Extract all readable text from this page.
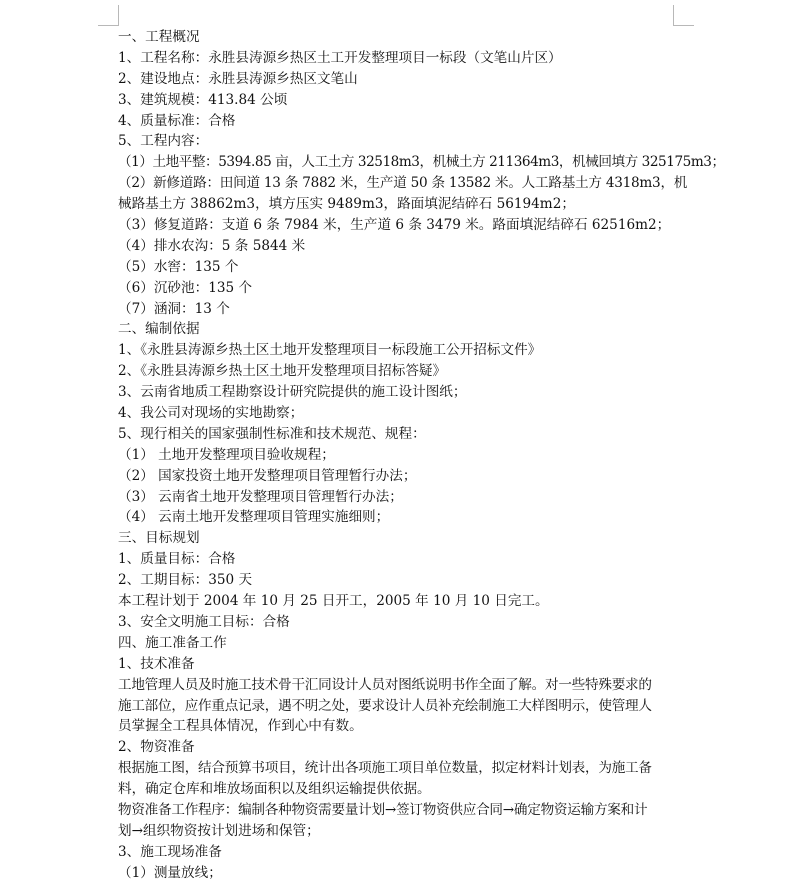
一、工程概况
1、工程名称：永胜县涛源乡热区土工开发整理项目一标段（文笔山片区）
2、建设地点：永胜县涛源乡热区文笔山
3、建筑规模：413.84 公顷
4、质量标准：合格
5、工程内容：
（1）土地平整：5394.85 亩，人工土方 32518m3，机械土方 211364m3，机械回填方 325175m3；
（2）新修道路：田间道 13 条 7882 米，生产道 50 条 13582 米。人工路基土方 4318m3，机
械路基土方 38862m3，填方压实 9489m3，路面填泥结碎石 56194m2；
（3）修复道路：支道 6 条 7984 米，生产道 6 条 3479 米。路面填泥结碎石 62516m2；
（4）排水农沟：5 条 5844 米
（5）水窖：135 个
（6）沉砂池：135 个
（7）涵洞：13 个
二、编制依据
1、《永胜县涛源乡热土区土地开发整理项目一标段施工公开招标文件》
2、《永胜县涛源乡热土区土地开发整理项目招标答疑》
3、云南省地质工程勘察设计研究院提供的施工设计图纸；
4、我公司对现场的实地勘察；
5、现行相关的国家强制性标准和技术规范、规程：
（1） 土地开发整理项目验收规程；
（2） 国家投资土地开发整理项目管理暂行办法；
（3） 云南省土地开发整理项目管理暂行办法；
（4） 云南土地开发整理项目管理实施细则；
三、目标规划
1、质量目标：合格
2、工期目标：350 天
本工程计划于 2004 年 10 月 25 日开工，2005 年 10 月 10 日完工。
3、安全文明施工目标：合格
四、施工准备工作
1、技术准备
工地管理人员及时施工技术骨干汇同设计人员对图纸说明书作全面了解。对一些特殊要求的
施工部位，应作重点记录，遇不明之处，要求设计人员补充绘制施工大样图明示，使管理人
员掌握全工程具体情况，作到心中有数。
2、物资准备
根据施工图，结合预算书项目，统计出各项施工项目单位数量，拟定材料计划表，为施工备
料，确定仓库和堆放场面积以及组织运输提供依据。
物资准备工作程序：编制各种物资需要量计划→签订物资供应合同→确定物资运输方案和计
划→组织物资按计划进场和保管；
3、施工现场准备
（1）测量放线；
